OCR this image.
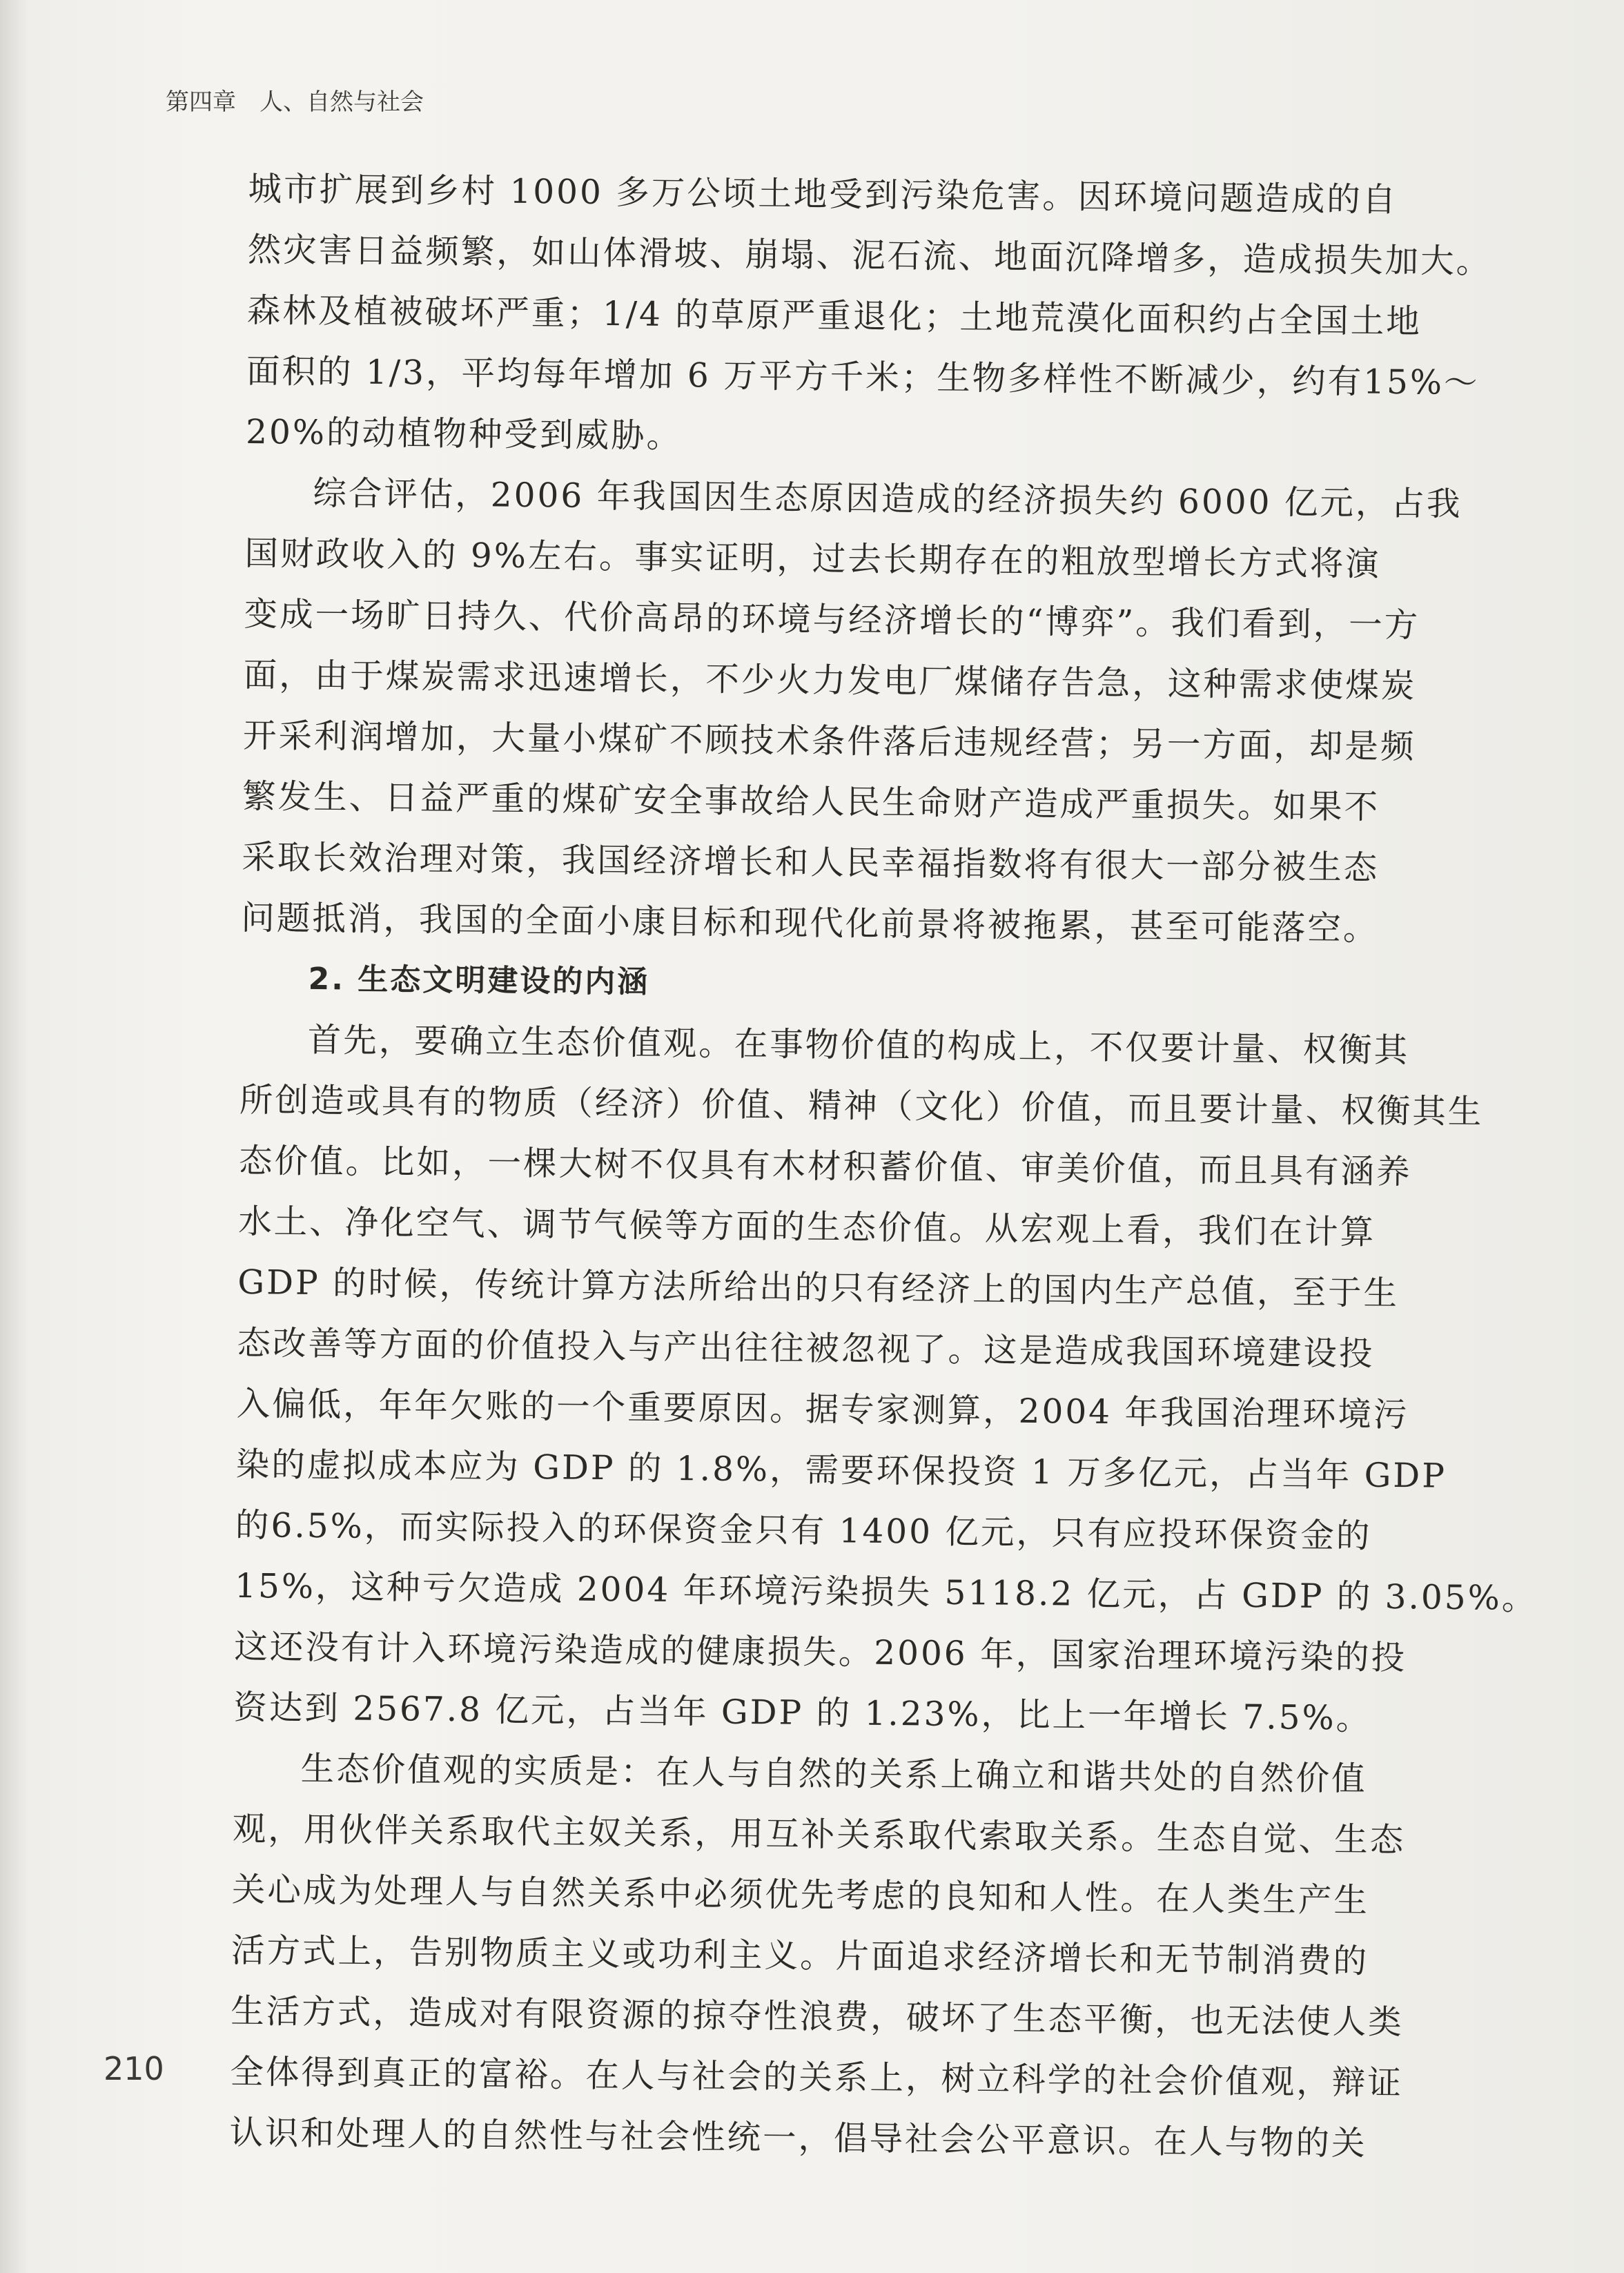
第四章　人、自然与社会
城市扩展到乡村 1000 多万公顷土地受到污染危害。因环境问题造成的自
然灾害日益频繁，如山体滑坡、崩塌、泥石流、地面沉降增多，造成损失加大。
森林及植被破坏严重；1/4 的草原严重退化；土地荒漠化面积约占全国土地
面积的 1/3，平均每年增加 6 万平方千米；生物多样性不断减少，约有15%～
20%的动植物种受到威胁。
综合评估，2006 年我国因生态原因造成的经济损失约 6000 亿元，占我
国财政收入的 9%左右。事实证明，过去长期存在的粗放型增长方式将演
变成一场旷日持久、代价高昂的环境与经济增长的“博弈”。我们看到，一方
面，由于煤炭需求迅速增长，不少火力发电厂煤储存告急，这种需求使煤炭
开采利润增加，大量小煤矿不顾技术条件落后违规经营；另一方面，却是频
繁发生、日益严重的煤矿安全事故给人民生命财产造成严重损失。如果不
采取长效治理对策，我国经济增长和人民幸福指数将有很大一部分被生态
问题抵消，我国的全面小康目标和现代化前景将被拖累，甚至可能落空。
2. 生态文明建设的内涵
首先，要确立生态价值观。在事物价值的构成上，不仅要计量、权衡其
所创造或具有的物质（经济）价值、精神（文化）价值，而且要计量、权衡其生
态价值。比如，一棵大树不仅具有木材积蓄价值、审美价值，而且具有涵养
水土、净化空气、调节气候等方面的生态价值。从宏观上看，我们在计算
GDP 的时候，传统计算方法所给出的只有经济上的国内生产总值，至于生
态改善等方面的价值投入与产出往往被忽视了。这是造成我国环境建设投
入偏低，年年欠账的一个重要原因。据专家测算，2004 年我国治理环境污
染的虚拟成本应为 GDP 的 1.8%，需要环保投资 1 万多亿元，占当年 GDP
的6.5%，而实际投入的环保资金只有 1400 亿元，只有应投环保资金的
15%，这种亏欠造成 2004 年环境污染损失 5118.2 亿元，占 GDP 的 3.05%。
这还没有计入环境污染造成的健康损失。2006 年，国家治理环境污染的投
资达到 2567.8 亿元，占当年 GDP 的 1.23%，比上一年增长 7.5%。
生态价值观的实质是：在人与自然的关系上确立和谐共处的自然价值
观，用伙伴关系取代主奴关系，用互补关系取代索取关系。生态自觉、生态
关心成为处理人与自然关系中必须优先考虑的良知和人性。在人类生产生
活方式上，告别物质主义或功利主义。片面追求经济增长和无节制消费的
生活方式，造成对有限资源的掠夺性浪费，破坏了生态平衡，也无法使人类
全体得到真正的富裕。在人与社会的关系上，树立科学的社会价值观，辩证
认识和处理人的自然性与社会性统一，倡导社会公平意识。在人与物的关
210
